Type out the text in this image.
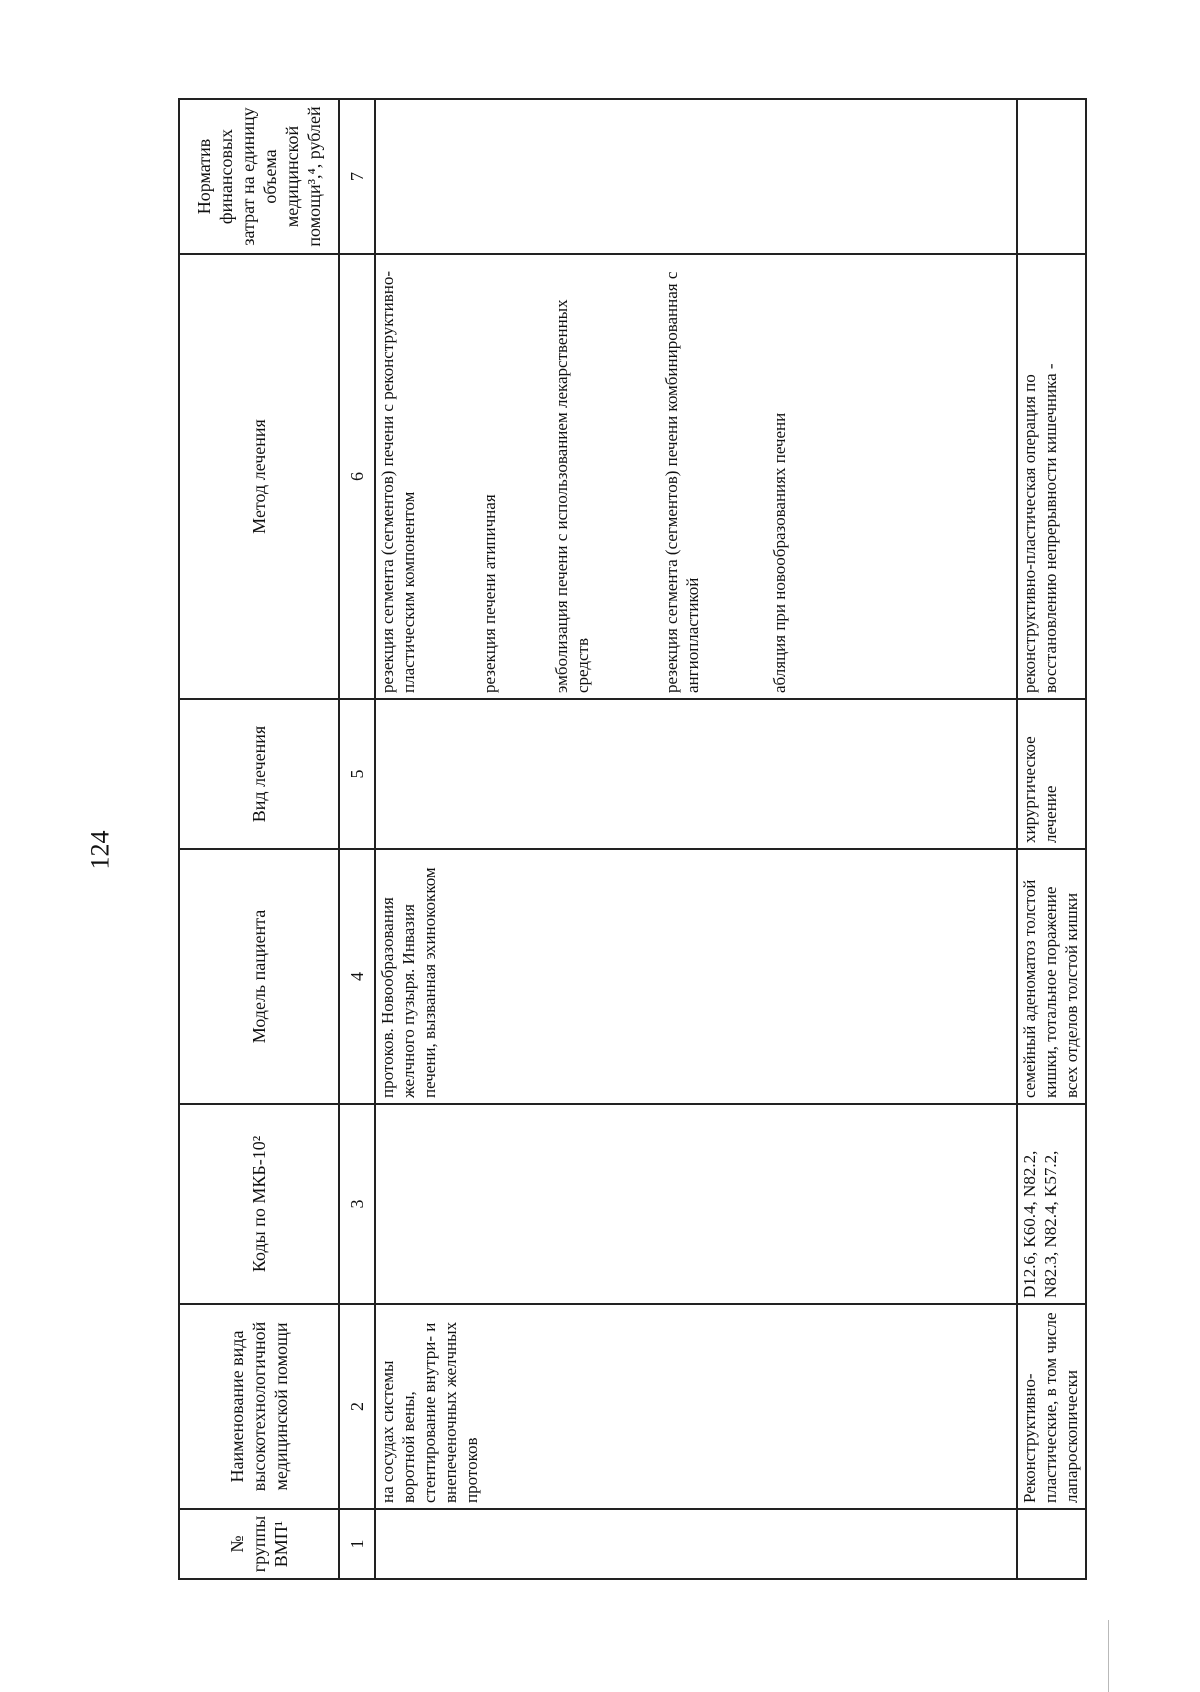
124
№ группы ВМП¹	Наименование вида высокотехнологичной медицинской помощи	Коды по МКБ-10²	Модель пациента	Вид лечения	Метод лечения	Норматив финансовых затрат на единицу объема медицинской помощи³,⁴, рублей
1	2	3	4	5	6	7
	на сосудах системы воротной вены, стентирование внутри- и внепеченочных желчных протоков		протоков. Новообразования желчного пузыря. Инвазия печени, вызванная эхинококком		резекция сегмента (сегментов) печени с реконструктивно-пластическим компонентом резекция печени атипичная эмболизация печени с использованием лекарственных средств резекция сегмента (сегментов) печени комбинированная с ангиопластикой абляция при новообразованиях печени	

	Реконструктивно-пластические, в том числе лапароскопически	D12.6, K60.4, N82.2, N82.3, N82.4, K57.2,	семейный аденоматоз толстой кишки, тотальное поражение всех отделов толстой кишки	хирургическое лечение	реконструктивно-пластическая операция по восстановлению непрерывности кишечника -	
